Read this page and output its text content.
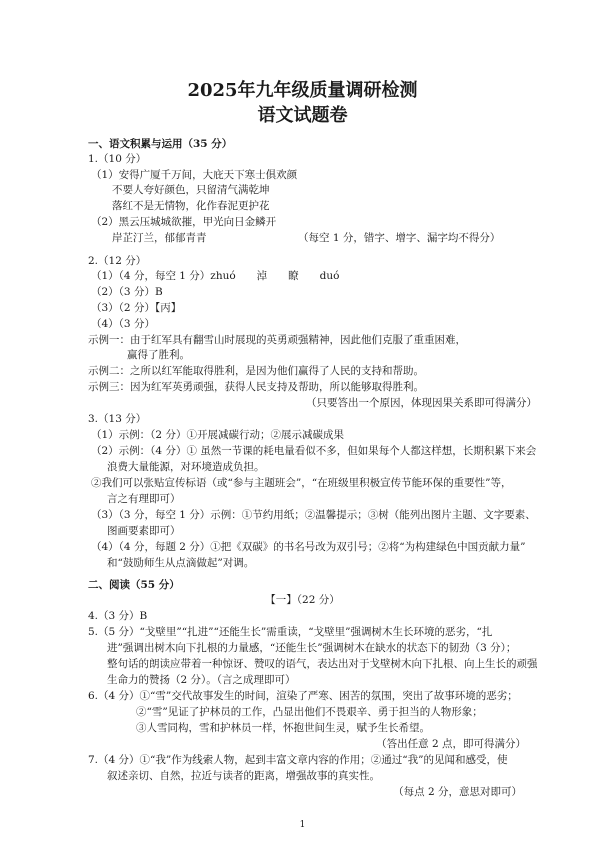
2025年九年级质量调研检测
语文试题卷
一、语文积累与运用（35 分）
1.（10 分）
（1）安得广厦千万间，大庇天下寒士俱欢颜
不要人夸好颜色，只留清气满乾坤
落红不是无情物，化作春泥更护花
（2）黑云压城城欲摧，甲光向日金鳞开
岸芷汀兰，郁郁青青	（每空 1 分，错字、增字、漏字均不得分）
2.（12 分）
（1）（4 分，每空 1 分）zhuó　　淖　　瞭　　duó
（2）（3 分）B
（3）（2 分）【丙】
（4）（3 分）
示例一：由于红军具有翻雪山时展现的英勇顽强精神，因此他们克服了重重困难，
赢得了胜利。
示例二：之所以红军能取得胜利，是因为他们赢得了人民的支持和帮助。
示例三：因为红军英勇顽强，获得人民支持及帮助，所以能够取得胜利。
（只要答出一个原因，体现因果关系即可得满分）
3.（13 分）
（1）示例：（2 分）①开展减碳行动；②展示减碳成果
（2）示例：（4 分）① 虽然一节课的耗电量看似不多，但如果每个人都这样想，长期积累下来会
浪费大量能源，对环境造成负担。
②我们可以张贴宣传标语（或“参与主题班会”，“在班级里积极宣传节能环保的重要性”等，
言之有理即可）
（3）（3 分，每空 1 分）示例：①节约用纸；②温馨提示；③树（能列出图片主题、文字要素、
图画要素即可）
（4）（4 分，每题 2 分）①把《双碳》的书名号改为双引号；②将“为构建绿色中国贡献力量”
和“鼓励师生从点滴做起”对调。
二、阅读（55 分）
【一】（22 分）
4.（3 分）B
5.（5 分）“戈壁里”“扎进”“还能生长”需重读，“戈壁里”强调树木生长环境的恶劣，“扎
进”强调出树木向下扎根的力量感，“还能生长”强调树木在缺水的状态下的韧劲（3 分）；
整句话的朗读应带着一种惊讶、赞叹的语气，表达出对于戈壁树木向下扎根、向上生长的顽强
生命力的赞扬（2 分）。（言之成理即可）
6.（4 分）①“雪”交代故事发生的时间，渲染了严寒、困苦的氛围，突出了故事环境的恶劣；
②“雪”见证了护林员的工作，凸显出他们不畏艰辛、勇于担当的人物形象；
③人雪同构，雪和护林员一样，怀抱世间生灵，赋予生长希望。
（答出任意 2 点，即可得满分）
7.（4 分）①“我”作为线索人物，起到丰富文章内容的作用；②通过“我”的见闻和感受，使
叙述亲切、自然，拉近与读者的距离，增强故事的真实性。
（每点 2 分，意思对即可）
1
